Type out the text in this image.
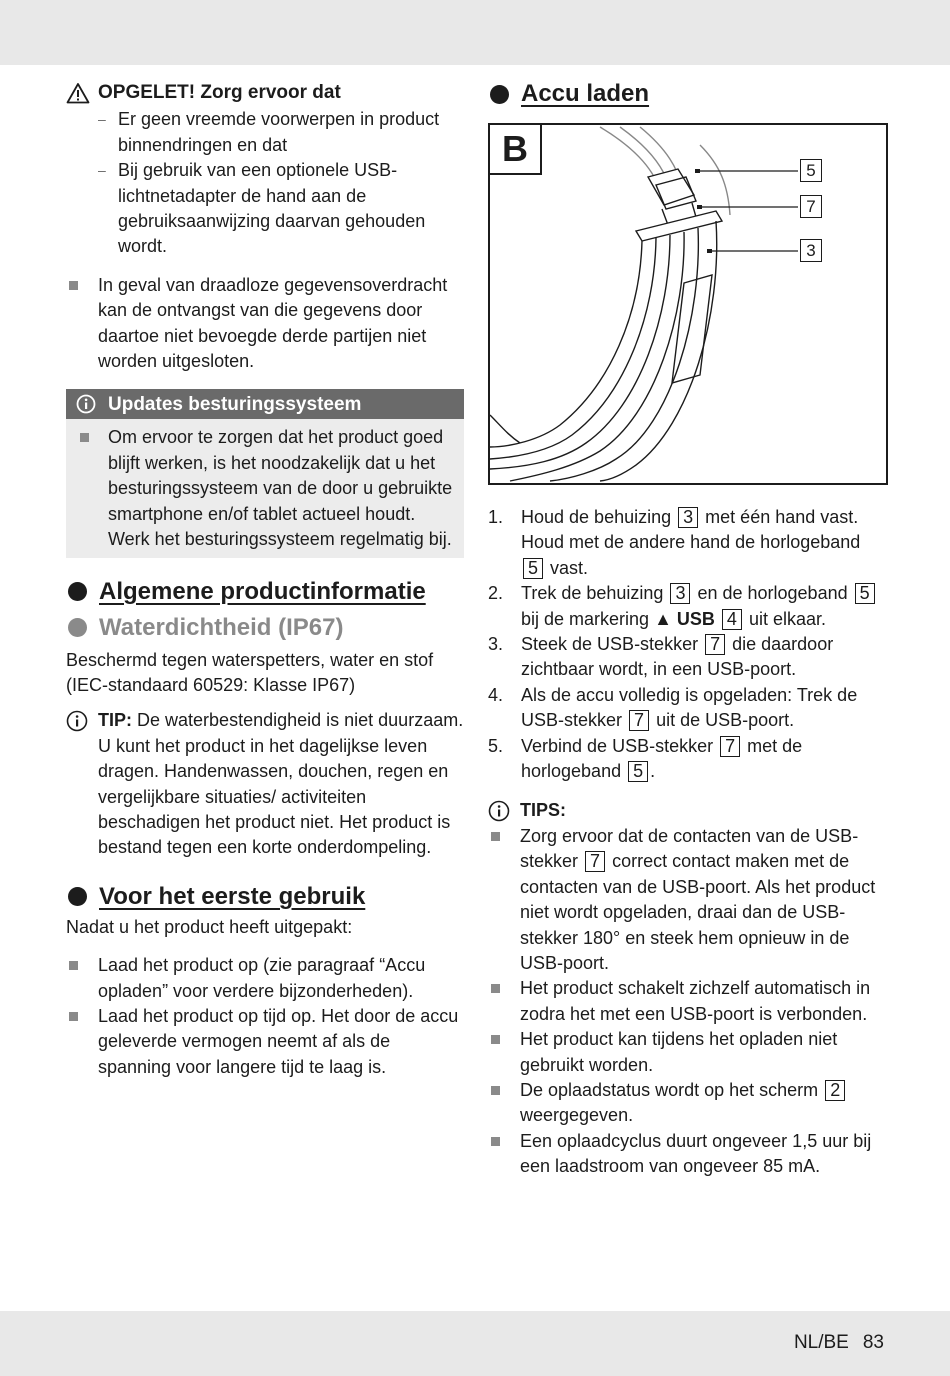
NL/BE 83
OPGELET! Zorg ervoor dat
– Er geen vreemde voorwerpen in product binnendringen en dat
– Bij gebruik van een optionele USB-lichtnetadapter de hand aan de gebruiksaanwijzing daarvan gehouden wordt.
In geval van draadloze gegevensoverdracht kan de ontvangst van die gegevens door daartoe niet bevoegde derde partijen niet worden uitgesloten.
Updates besturingssysteem
Om ervoor te zorgen dat het product goed blijft werken, is het noodzakelijk dat u het besturingssysteem van de door u gebruikte smartphone en/of tablet actueel houdt. Werk het besturingssysteem regelmatig bij.
Algemene productinformatie
Waterdichtheid (IP67)

Beschermd tegen waterspetters, water en stof (IEC-standaard 60529: Klasse IP67)

TIP: De waterbestendigheid is niet duurzaam. U kunt het product in het dagelijkse leven dragen. Handenwassen, douchen, regen en vergelijkbare situaties/ activiteiten beschadigen het product niet. Het product is bestand tegen een korte onderdompeling.

Voor het eerste gebruik

Nadat u het product heeft uitgepakt:

Laad het product op (zie paragraaf “Accu opladen” voor verdere bijzonderheden).
Laad het product op tijd op. Het door de accu geleverde vermogen neemt af als de spanning voor langere tijd te laag is.
Accu laden
B
5
7
3
1. Houd de behuizing 3 met één hand vast. Houd met de andere hand de horlogeband 5 vast.
2. Trek de behuizing 3 en de horlogeband 5 bij de markering ▲ USB 4 uit elkaar.
3. Steek de USB-stekker 7 die daardoor zichtbaar wordt, in een USB-poort.
4. Als de accu volledig is opgeladen: Trek de USB-stekker 7 uit de USB-poort.
5. Verbind de USB-stekker 7 met de horlogeband 5 .
TIPS:
Zorg ervoor dat de contacten van de USB-stekker 7 correct contact maken met de contacten van de USB-poort. Als het product niet wordt opgeladen, draai dan de USB-stekker 180° en steek hem opnieuw in de USB-poort.
Het product schakelt zichzelf automatisch in zodra het met een USB-poort is verbonden.
Het product kan tijdens het opladen niet gebruikt worden.
De oplaadstatus wordt op het scherm 2 weergegeven.
Een oplaadcyclus duurt ongeveer 1,5 uur bij een laadstroom van ongeveer 85 mA.
